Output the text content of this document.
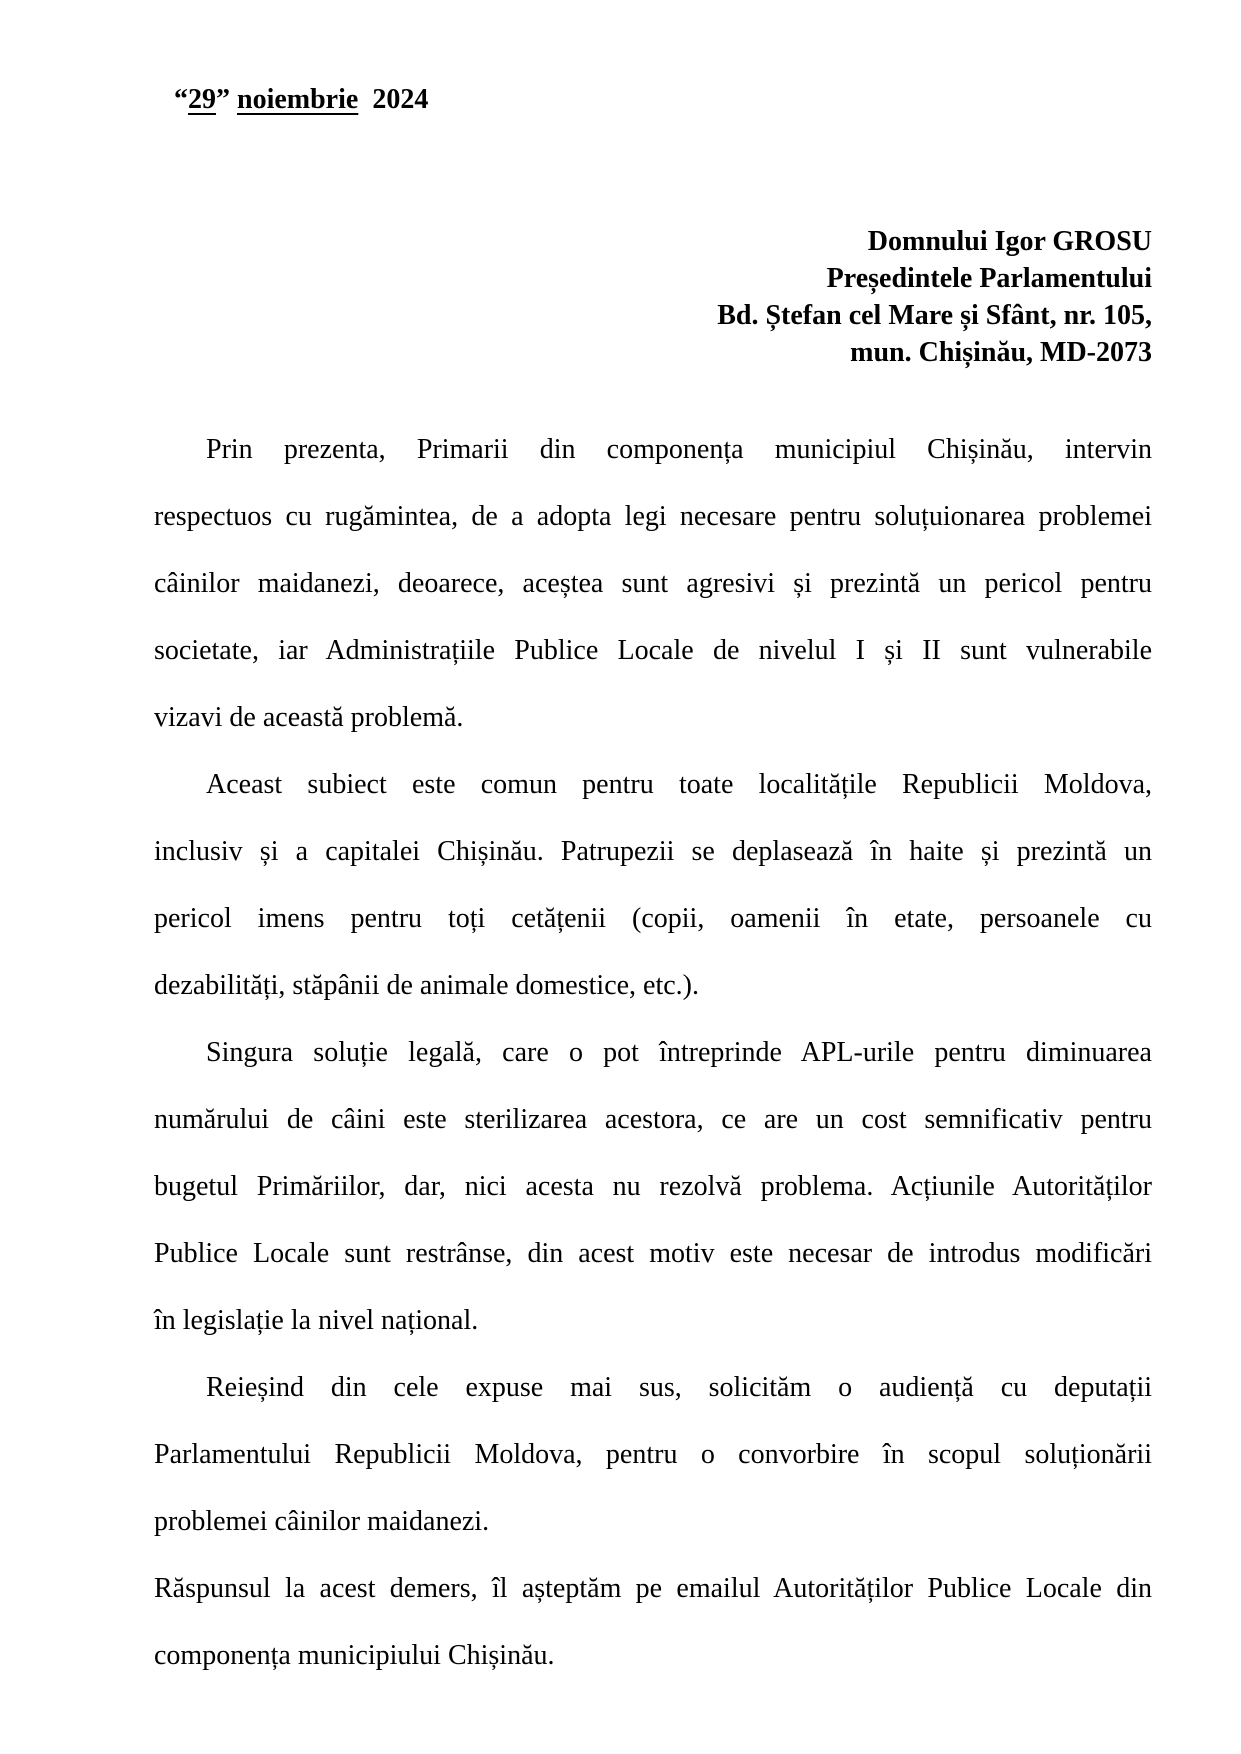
“29” noiembrie  2024
Domnului Igor GROSU
Președintele Parlamentului
Bd. Ștefan cel Mare și Sfânt, nr. 105,
mun. Chișinău, MD-2073
Prin prezenta, Primarii din componența municipiul Chișinău, intervin
respectuos cu rugămintea, de a adopta legi necesare pentru soluțuionarea problemei
câinilor maidanezi, deoarece, aceștea sunt agresivi și prezintă un pericol pentru
societate, iar Administrațiile Publice Locale de nivelul I și II sunt vulnerabile
vizavi de această problemă.
Aceast subiect este comun pentru toate localitățile Republicii Moldova,
inclusiv și a capitalei Chișinău. Patrupezii se deplasează în haite și prezintă un
pericol imens pentru toți cetățenii (copii, oamenii în etate, persoanele cu
dezabilități, stăpânii de animale domestice, etc.).
Singura soluție legală, care o pot întreprinde APL-urile pentru diminuarea
numărului de câini este sterilizarea acestora, ce are un cost semnificativ pentru
bugetul Primăriilor, dar, nici acesta nu rezolvă problema. Acțiunile Autorităților
Publice Locale sunt restrânse, din acest motiv este necesar de introdus modificări
în legislație la nivel național.
Reieșind din cele expuse mai sus, solicităm o audiență cu deputații
Parlamentului Republicii Moldova, pentru o convorbire în scopul soluționării
problemei câinilor maidanezi.
Răspunsul la acest demers, îl așteptăm pe emailul Autorităților Publice Locale din
componența municipiului Chișinău.
